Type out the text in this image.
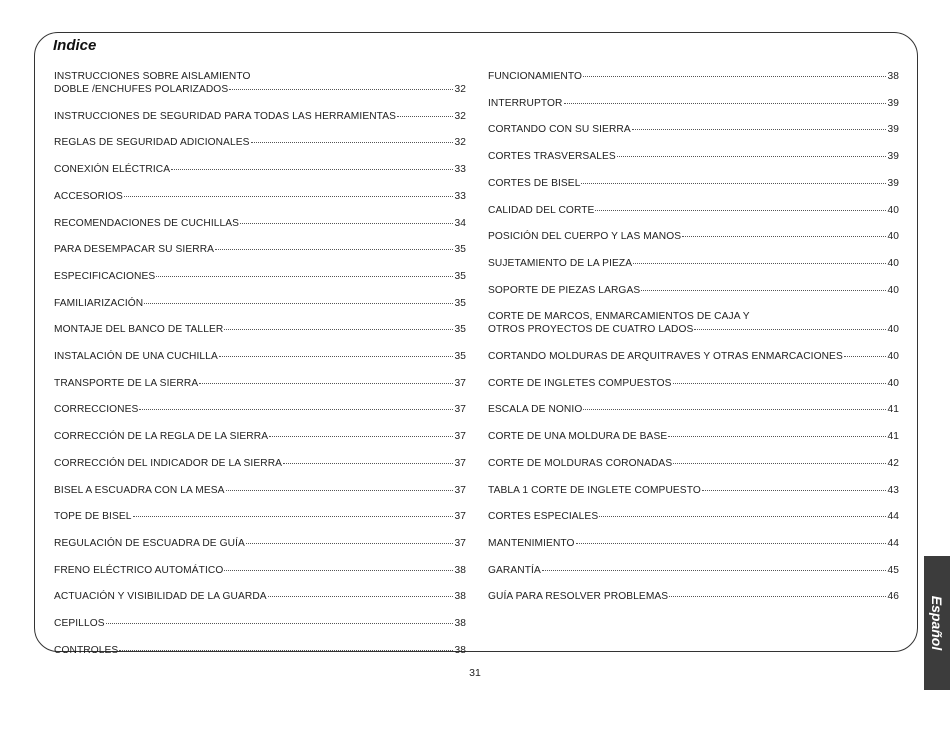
Indice
INSTRUCCIONES SOBRE AISLAMIENTO
DOBLE /ENCHUFES POLARIZADOS	32
INSTRUCCIONES DE SEGURIDAD PARA TODAS LAS HERRAMIENTAS	32
REGLAS DE SEGURIDAD ADICIONALES	32
CONEXIÓN ELÉCTRICA	33
ACCESORIOS	33
RECOMENDACIONES DE CUCHILLAS	34
PARA DESEMPACAR SU SIERRA	35
ESPECIFICACIONES	35
FAMILIARIZACIÓN	35
MONTAJE DEL BANCO DE TALLER	35
INSTALACIÓN DE UNA CUCHILLA	35
TRANSPORTE DE LA SIERRA	37
CORRECCIONES	37
CORRECCIÓN DE LA REGLA DE LA SIERRA	37
CORRECCIÓN DEL INDICADOR DE LA SIERRA	37
BISEL A ESCUADRA CON LA MESA	37
TOPE DE BISEL	37
REGULACIÓN DE ESCUADRA DE GUÍA	37
FRENO ELÉCTRICO AUTOMÁTICO	38
ACTUACIÓN Y VISIBILIDAD DE LA GUARDA	38
CEPILLOS	38
CONTROLES	38
FUNCIONAMIENTO	38
INTERRUPTOR	39
CORTANDO CON SU SIERRA	39
CORTES TRASVERSALES	39
CORTES DE BISEL	39
CALIDAD DEL CORTE	40
POSICIÓN DEL CUERPO Y LAS MANOS	40
SUJETAMIENTO DE LA PIEZA	40
SOPORTE DE PIEZAS LARGAS	40
CORTE DE MARCOS, ENMARCAMIENTOS DE CAJA Y
OTROS PROYECTOS DE CUATRO LADOS	40
CORTANDO MOLDURAS DE ARQUITRAVES Y OTRAS ENMARCACIONES	40
CORTE DE INGLETES COMPUESTOS	40
ESCALA DE NONIO	41
CORTE DE UNA MOLDURA DE BASE	41
CORTE DE MOLDURAS CORONADAS	42
TABLA 1 CORTE DE INGLETE COMPUESTO	43
CORTES ESPECIALES	44
MANTENIMIENTO	44
GARANTÍA	45
GUÍA PARA RESOLVER PROBLEMAS	46
31
Español
